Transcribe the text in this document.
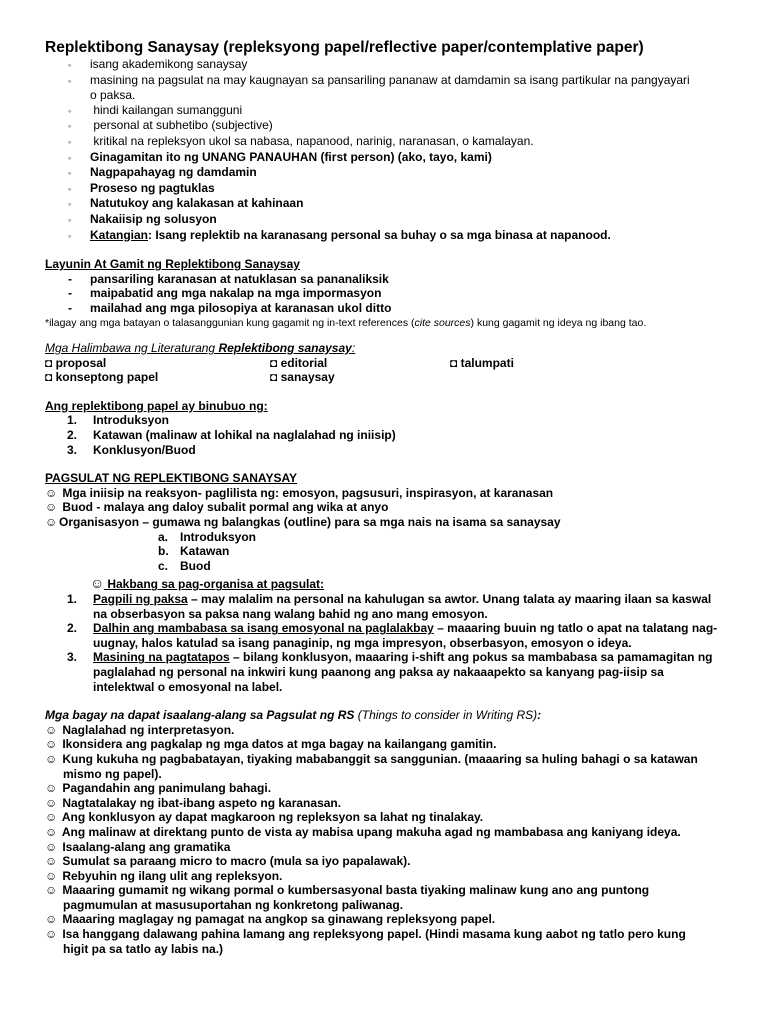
Replektibong Sanaysay (repleksyong papel/reflective paper/contemplative paper)
◦ isang akademikong sanaysay
◦ masining na pagsulat na may kaugnayan sa pansariling pananaw at damdamin sa isang partikular na pangyayari
o paksa.
◦ hindi kailangan sumangguni
◦ personal at subhetibo (subjective)
◦ kritikal na repleksyon ukol sa nabasa, napanood, narinig, naranasan, o kamalayan.
◦ Ginagamitan ito ng UNANG PANAUHAN (first person) (ako, tayo, kami)
◦ Nagpapahayag ng damdamin
◦ Proseso ng pagtuklas
◦ Natutukoy ang kalakasan at kahinaan
◦ Nakaiisip ng solusyon
◦ Katangian: Isang replektib na karanasang personal sa buhay o sa mga binasa at napanood.
Layunin At Gamit ng Replektibong Sanaysay
- pansariling karanasan at natuklasan sa pananaliksik
- maipabatid ang mga nakalap na mga impormasyon
- mailahad ang mga pilosopiya at karanasan ukol ditto
*ilagay ang mga batayan o talasanggunian kung gagamit ng in-text references (cite sources) kung gagamit ng ideya ng ibang tao.
Mga Halimbawa ng Literaturang Replektibong sanaysay:
◘ proposal	◘ editorial	◘ talumpati
◘ konseptong papel	◘ sanaysay
Ang replektibong papel ay binubuo ng:
1. Introduksyon
2. Katawan (malinaw at lohikal na naglalahad ng iniisip)
3. Konklusyon/Buod
PAGSULAT NG REPLEKTIBONG SANAYSAY
☺ Mga iniisip na reaksyon- paglilista ng: emosyon, pagsusuri, inspirasyon, at karanasan
☺ Buod - malaya ang daloy subalit pormal ang wika at anyo
☺ Organisasyon – gumawa ng balangkas (outline) para sa mga nais na isama sa sanaysay
a. Introduksyon
b. Katawan
c. Buod
☺ Hakbang sa pag-organisa at pagsulat:
1. Pagpili ng paksa – may malalim na personal na kahulugan sa awtor. Unang talata ay maaring ilaan sa kaswal
na obserbasyon sa paksa nang walang bahid ng ano mang emosyon.
2. Dalhin ang mambabasa sa isang emosyonal na paglalakbay – maaaring buuin ng tatlo o apat na talatang nag-
uugnay, halos katulad sa isang panaginip, ng mga impresyon, obserbasyon, emosyon o ideya.
3. Masining na pagtatapos – bilang konklusyon, maaaring i-shift ang pokus sa mambabasa sa pamamagitan ng
paglalahad ng personal na inkwiri kung paanong ang paksa ay nakaaapekto sa kanyang pag-iisip sa
intelektwal o emosyonal na label.
Mga bagay na dapat isaalang-alang sa Pagsulat ng RS (Things to consider in Writing RS):
☺ Naglalahad ng interpretasyon.
☺ Ikonsidera ang pagkalap ng mga datos at mga bagay na kailangang gamitin.
☺ Kung kukuha ng pagbabatayan, tiyaking mababanggit sa sanggunian. (maaaring sa huling bahagi o sa katawan
mismo ng papel).
☺ Pagandahin ang panimulang bahagi.
☺ Nagtatalakay ng ibat-ibang aspeto ng karanasan.
☺ Ang konklusyon ay dapat magkaroon ng repleksyon sa lahat ng tinalakay.
☺ Ang malinaw at direktang punto de vista ay mabisa upang makuha agad ng mambabasa ang kaniyang ideya.
☺ Isaalang-alang ang gramatika
☺ Sumulat sa paraang micro to macro (mula sa iyo papalawak).
☺ Rebyuhin ng ilang ulit ang repleksyon.
☺ Maaaring gumamit ng wikang pormal o kumbersasyonal basta tiyaking malinaw kung ano ang puntong
pagmumulan at masusuportahan ng konkretong paliwanag.
☺ Maaaring maglagay ng pamagat na angkop sa ginawang repleksyong papel.
☺ Isa hanggang dalawang pahina lamang ang repleksyong papel. (Hindi masama kung aabot ng tatlo pero kung
higit pa sa tatlo ay labis na.)
